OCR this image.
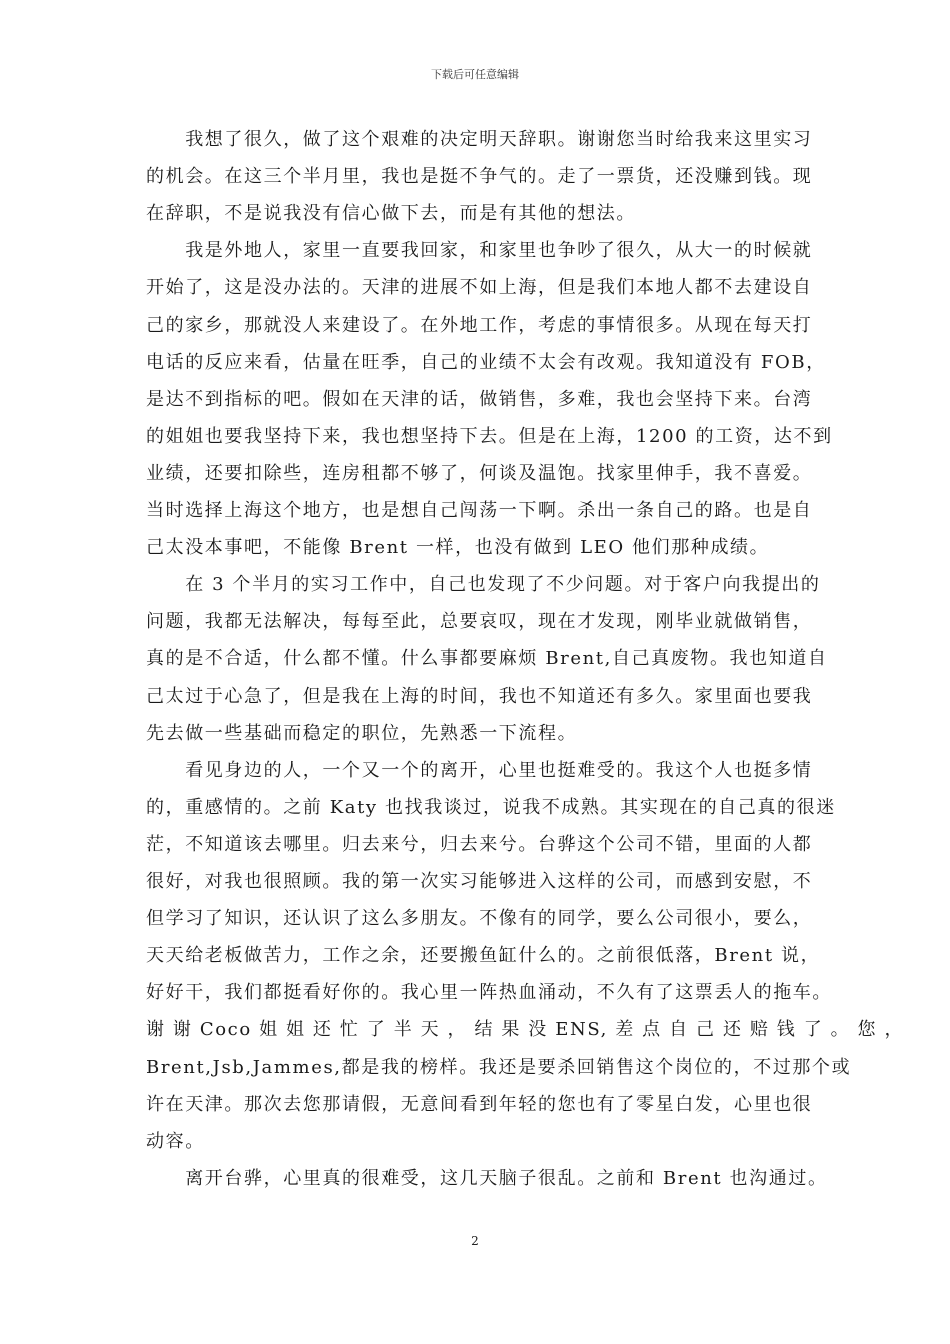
下载后可任意编辑

　　我想了很久，做了这个艰难的决定明天辞职。谢谢您当时给我来这里实习

的机会。在这三个半月里，我也是挺不争气的。走了一票货，还没赚到钱。现

在辞职，不是说我没有信心做下去，而是有其他的想法。

　　我是外地人，家里一直要我回家，和家里也争吵了很久，从大一的时候就

开始了，这是没办法的。天津的进展不如上海，但是我们本地人都不去建设自

己的家乡，那就没人来建设了。在外地工作，考虑的事情很多。从现在每天打

电话的反应来看，估量在旺季，自己的业绩不太会有改观。我知道没有 FOB，

是达不到指标的吧。假如在天津的话，做销售，多难，我也会坚持下来。台湾

的姐姐也要我坚持下来，我也想坚持下去。但是在上海，1200 的工资，达不到

业绩，还要扣除些，连房租都不够了，何谈及温饱。找家里伸手，我不喜爱。

当时选择上海这个地方，也是想自己闯荡一下啊。杀出一条自己的路。也是自

己太没本事吧，不能像 Brent 一样，也没有做到 LEO 他们那种成绩。

　　在 3 个半月的实习工作中，自己也发现了不少问题。对于客户向我提出的

问题，我都无法解决，每每至此，总要哀叹，现在才发现，刚毕业就做销售，

真的是不合适，什么都不懂。什么事都要麻烦 Brent,自己真废物。我也知道自

己太过于心急了，但是我在上海的时间，我也不知道还有多久。家里面也要我

先去做一些基础而稳定的职位，先熟悉一下流程。

　　看见身边的人，一个又一个的离开，心里也挺难受的。我这个人也挺多情

的，重感情的。之前 Katy 也找我谈过，说我不成熟。其实现在的自己真的很迷

茫，不知道该去哪里。归去来兮，归去来兮。台骅这个公司不错，里面的人都

很好，对我也很照顾。我的第一次实习能够进入这样的公司，而感到安慰，不

但学习了知识，还认识了这么多朋友。不像有的同学，要么公司很小，要么，

天天给老板做苦力，工作之余，还要搬鱼缸什么的。之前很低落，Brent 说，

好好干，我们都挺看好你的。我心里一阵热血涌动，不久有了这票丢人的拖车。

谢 谢 Coco 姐 姐 还 忙 了 半 天 ， 结 果 没 ENS, 差 点 自 己 还 赔 钱 了 。 您 ，

Brent,Jsb,Jammes,都是我的榜样。我还是要杀回销售这个岗位的，不过那个或

许在天津。那次去您那请假，无意间看到年轻的您也有了零星白发，心里也很

动容。

　　离开台骅，心里真的很难受，这几天脑子很乱。之前和 Brent 也沟通过。

2
